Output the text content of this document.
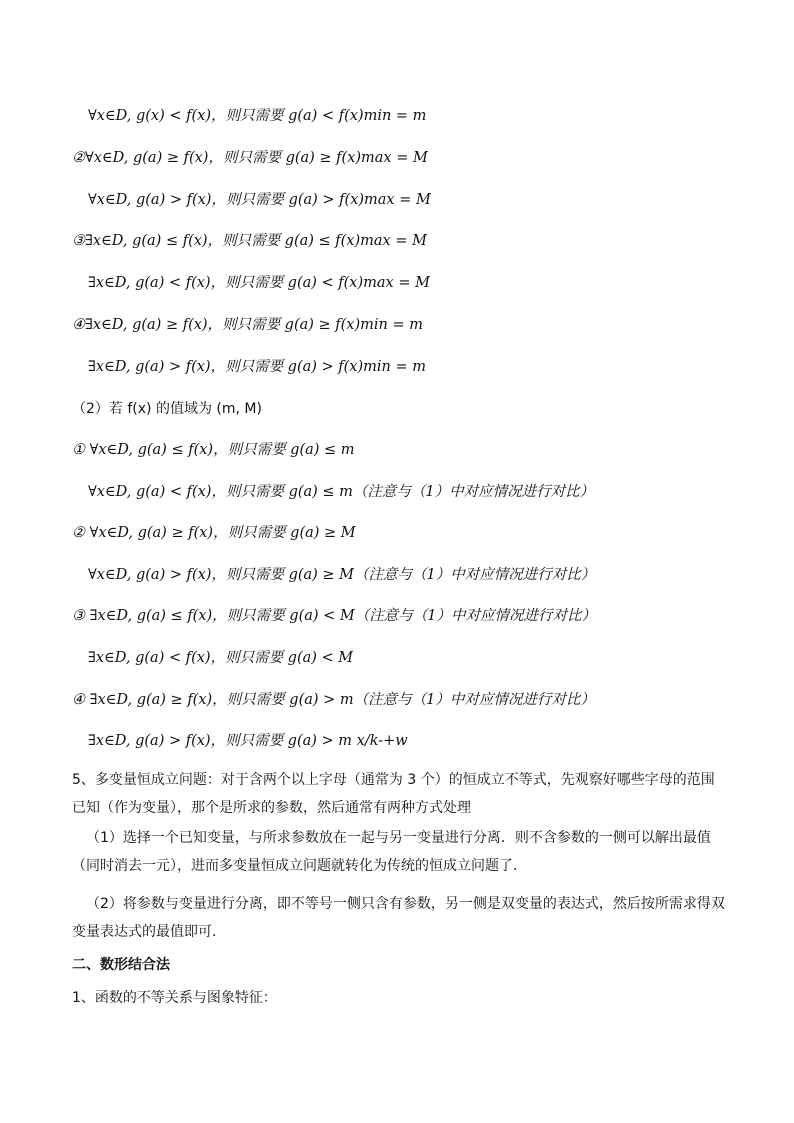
∀x∈D, g(x) < f(x)，则只需要 g(a) < f(x)min = m
②∀x∈D, g(a) ≥ f(x)，则只需要 g(a) ≥ f(x)max = M
∀x∈D, g(a) > f(x)，则只需要 g(a) > f(x)max = M
③∃x∈D, g(a) ≤ f(x)，则只需要 g(a) ≤ f(x)max = M
∃x∈D, g(a) < f(x)，则只需要 g(a) < f(x)max = M
④∃x∈D, g(a) ≥ f(x)，则只需要 g(a) ≥ f(x)min = m
∃x∈D, g(a) > f(x)，则只需要 g(a) > f(x)min = m
（2）若 f(x) 的值域为 (m, M)
① ∀x∈D, g(a) ≤ f(x)，则只需要 g(a) ≤ m
∀x∈D, g(a) < f(x)，则只需要 g(a) ≤ m（注意与（1）中对应情况进行对比）
② ∀x∈D, g(a) ≥ f(x)，则只需要 g(a) ≥ M
∀x∈D, g(a) > f(x)，则只需要 g(a) ≥ M（注意与（1）中对应情况进行对比）
③ ∃x∈D, g(a) ≤ f(x)，则只需要 g(a) < M（注意与（1）中对应情况进行对比）
∃x∈D, g(a) < f(x)，则只需要 g(a) < M
④ ∃x∈D, g(a) ≥ f(x)，则只需要 g(a) > m（注意与（1）中对应情况进行对比）
∃x∈D, g(a) > f(x)，则只需要 g(a) > m x/k-+w
5、多变量恒成立问题：对于含两个以上字母（通常为 3 个）的恒成立不等式，先观察好哪些字母的范围已知（作为变量），那个是所求的参数，然后通常有两种方式处理
（1）选择一个已知变量，与所求参数放在一起与另一变量进行分离．则不含参数的一侧可以解出最值（同时消去一元），进而多变量恒成立问题就转化为传统的恒成立问题了．
（2）将参数与变量进行分离，即不等号一侧只含有参数，另一侧是双变量的表达式，然后按所需求得双变量表达式的最值即可．
二、数形结合法
1、函数的不等关系与图象特征：
